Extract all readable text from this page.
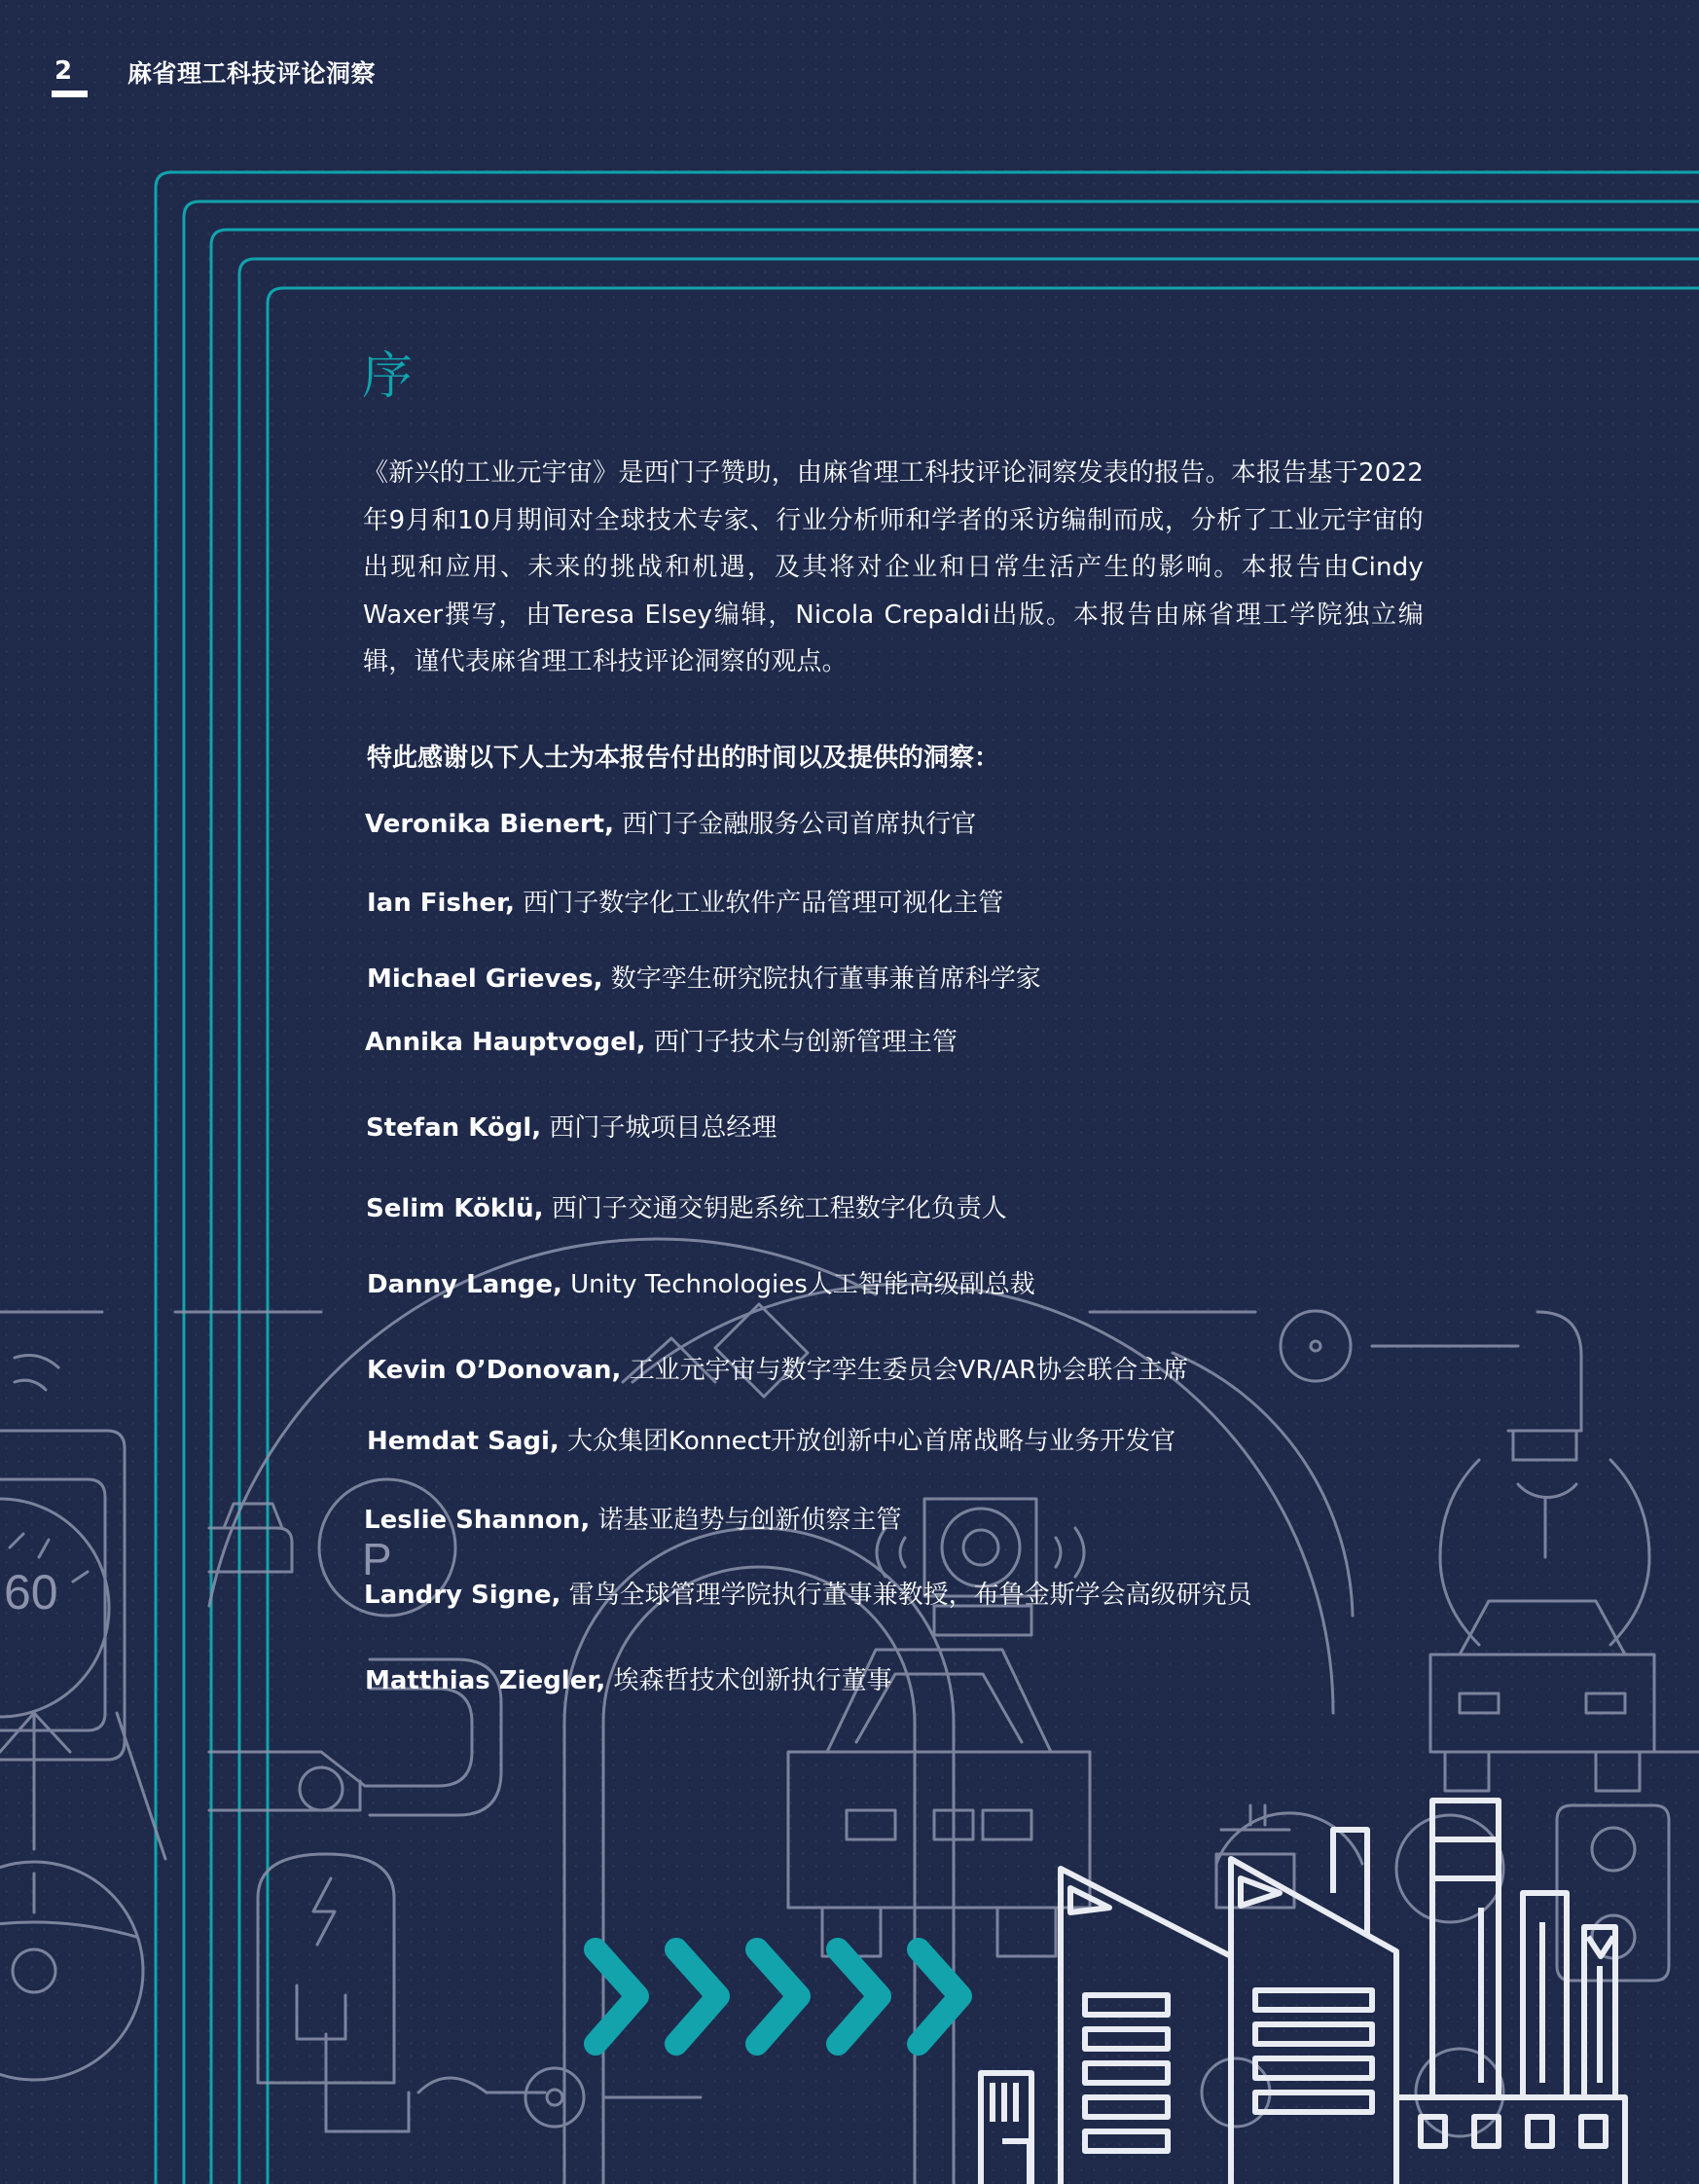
60
P
2 麻省理工科技评论洞察
序
《新兴的工业元宇宙》是西门子赞助，由麻省理工科技评论洞察发表的报告。本报告基于2022年9月和10月期间对全球技术专家、行业分析师和学者的采访编制而成，分析了工业元宇宙的出现和应用、未来的挑战和机遇，及其将对企业和日常生活产生的影响。本报告由Cindy Waxer撰写，由Teresa Elsey编辑，Nicola Crepaldi出版。本报告由麻省理工学院独立编辑，谨代表麻省理工科技评论洞察的观点。
特此感谢以下人士为本报告付出的时间以及提供的洞察：
Veronika Bienert, 西门子金融服务公司首席执行官
Ian Fisher, 西门子数字化工业软件产品管理可视化主管
Michael Grieves, 数字孪生研究院执行董事兼首席科学家
Annika Hauptvogel, 西门子技术与创新管理主管
Stefan Kögl, 西门子城项目总经理
Selim Köklü, 西门子交通交钥匙系统工程数字化负责人
Danny Lange, Unity Technologies人工智能高级副总裁
Kevin O’Donovan, 工业元宇宙与数字孪生委员会VR/AR协会联合主席
Hemdat Sagi, 大众集团Konnect开放创新中心首席战略与业务开发官
Leslie Shannon, 诺基亚趋势与创新侦察主管
Landry Signe, 雷鸟全球管理学院执行董事兼教授，布鲁金斯学会高级研究员
Matthias Ziegler, 埃森哲技术创新执行董事
